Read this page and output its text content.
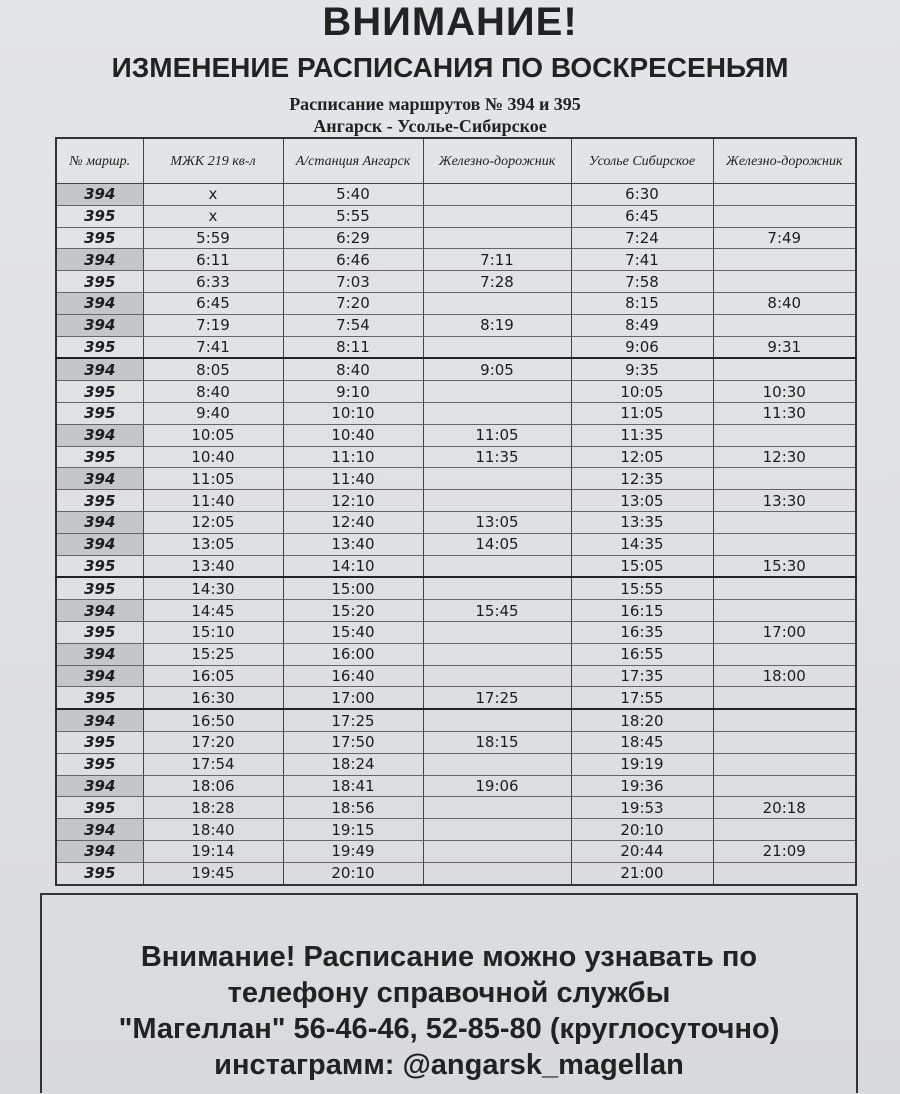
ВНИМАНИЕ!
ИЗМЕНЕНИЕ РАСПИСАНИЯ ПО ВОСКРЕСЕНЬЯМ
Расписание маршрутов № 394 и 395
Ангарск - Усолье-Сибирское
№ маршр.	МЖК 219 кв-л	А/станция Ангарск	Железно-дорожник	Усолье Сибирское	Железно-дорожник
394	x	5:40		6:30	
395	x	5:55		6:45	
395	5:59	6:29		7:24	7:49
394	6:11	6:46	7:11	7:41	
395	6:33	7:03	7:28	7:58	
394	6:45	7:20		8:15	8:40
394	7:19	7:54	8:19	8:49	
395	7:41	8:11		9:06	9:31
394	8:05	8:40	9:05	9:35	
395	8:40	9:10		10:05	10:30
395	9:40	10:10		11:05	11:30
394	10:05	10:40	11:05	11:35	
395	10:40	11:10	11:35	12:05	12:30
394	11:05	11:40		12:35	
395	11:40	12:10		13:05	13:30
394	12:05	12:40	13:05	13:35	
394	13:05	13:40	14:05	14:35	
395	13:40	14:10		15:05	15:30
395	14:30	15:00		15:55	
394	14:45	15:20	15:45	16:15	
395	15:10	15:40		16:35	17:00
394	15:25	16:00		16:55	
394	16:05	16:40		17:35	18:00
395	16:30	17:00	17:25	17:55	
394	16:50	17:25		18:20	
395	17:20	17:50	18:15	18:45	
395	17:54	18:24		19:19	
394	18:06	18:41	19:06	19:36	
395	18:28	18:56		19:53	20:18
394	18:40	19:15		20:10	
394	19:14	19:49		20:44	21:09
395	19:45	20:10		21:00	
Внимание! Расписание можно узнавать по
телефону справочной службы
"Магеллан" 56-46-46, 52-85-80 (круглосуточно)
инстаграмм: @angarsk_magellan
